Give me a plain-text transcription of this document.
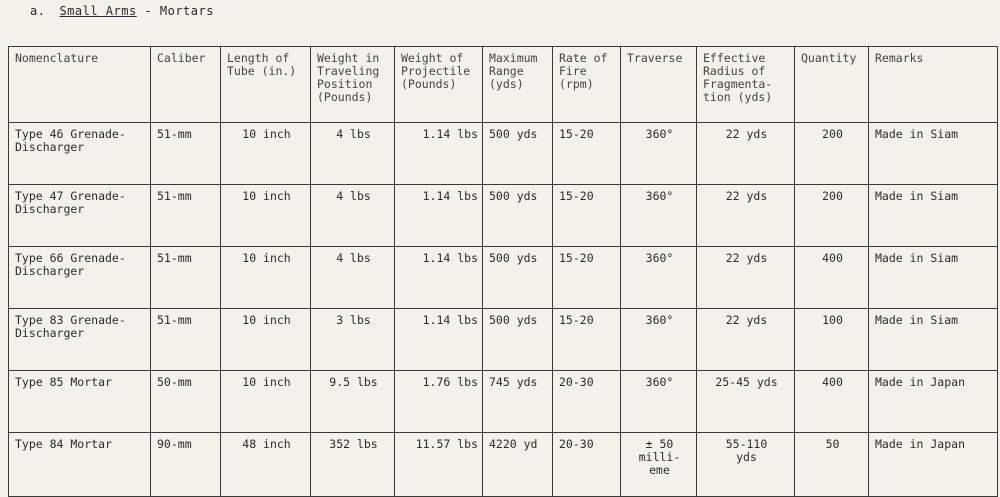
a. Small Arms - Mortars
Nomenclature	Caliber	Length of
Tube (in.)	Weight in
Traveling
Position
(Pounds)	Weight of
Projectile
(Pounds)	Maximum
Range
(yds)	Rate of
Fire
(rpm)	Traverse	Effective
Radius of
Fragmenta-
tion (yds)	Quantity	Remarks

Type 46 Grenade-
Discharger	51-mm	10 inch	4 lbs	1.14 lbs	500 yds	15-20	360°	22 yds	200	Made in Siam

Type 47 Grenade-
Discharger	51-mm	10 inch	4 lbs	1.14 lbs	500 yds	15-20	360°	22 yds	200	Made in Siam

Type 66 Grenade-
Discharger	51-mm	10 inch	4 lbs	1.14 lbs	500 yds	15-20	360°	22 yds	400	Made in Siam

Type 83 Grenade-
Discharger	51-mm	10 inch	3 lbs	1.14 lbs	500 yds	15-20	360°	22 yds	100	Made in Siam

Type 85 Mortar	50-mm	10 inch	9.5 lbs	1.76 lbs	745 yds	20-30	360°	25-45 yds	400	Made in Japan

Type 84 Mortar	90-mm	48 inch	352 lbs	11.57 lbs	4220 yd	20-30	± 50
milli-
eme	55-110
yds	50	Made in Japan
